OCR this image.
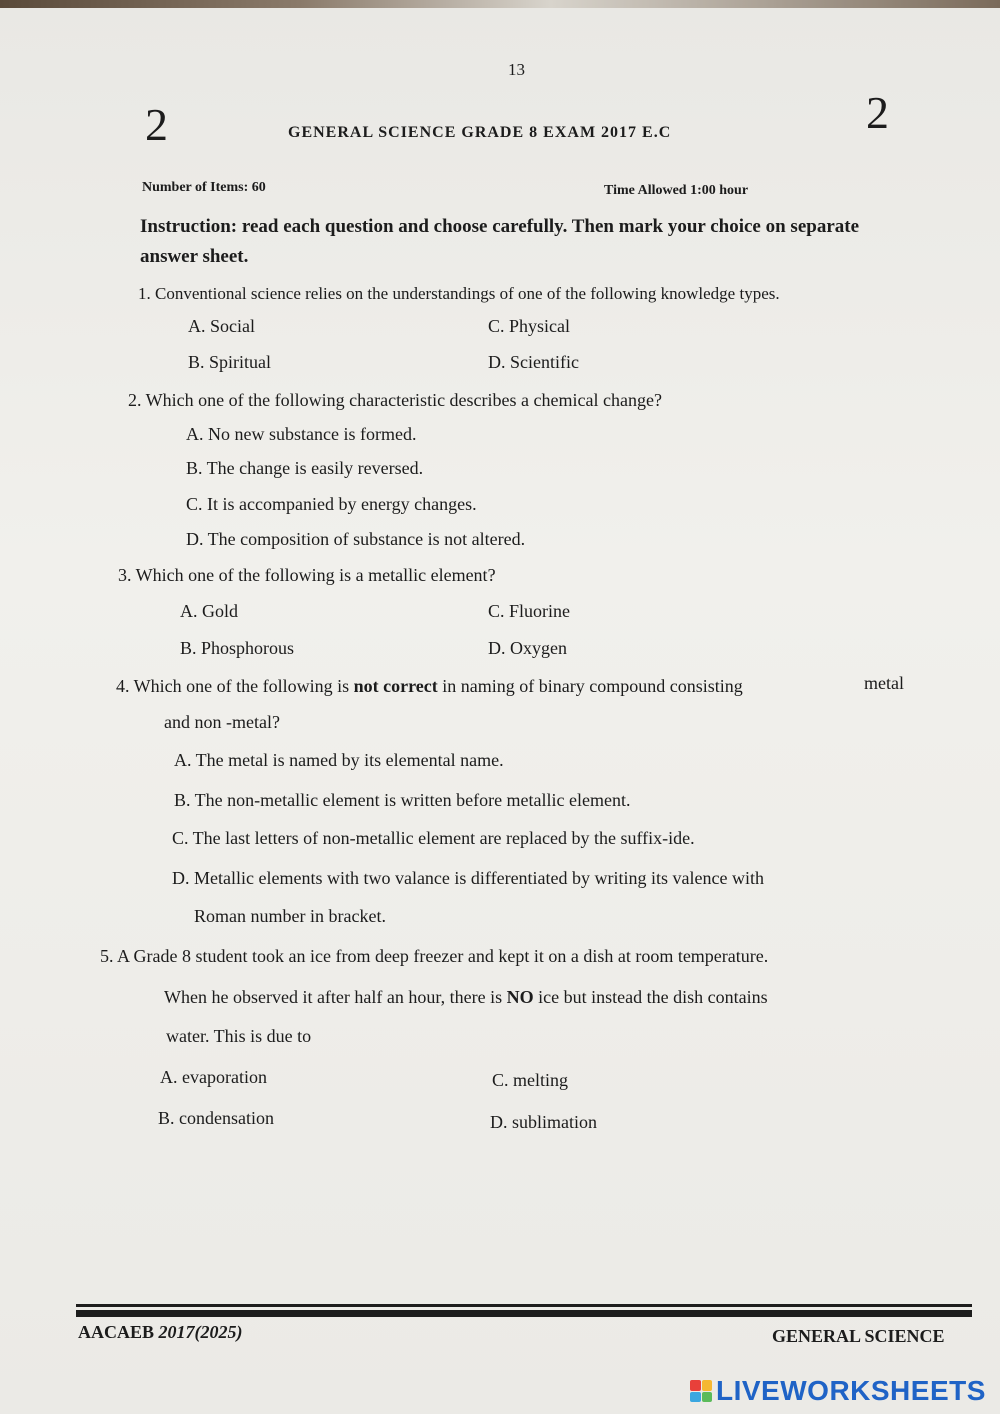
13
2	2
GENERAL SCIENCE GRADE 8 EXAM 2017 E.C
Number of Items: 60	Time Allowed 1:00 hour
Instruction: read each question and choose carefully. Then mark your choice on separate answer sheet.
1. Conventional science relies on the understandings of one of the following knowledge types.
A. Social	C. Physical
B. Spiritual	D. Scientific
2. Which one of the following characteristic describes a chemical change?
A. No new substance is formed.
B. The change is easily reversed.
C. It is accompanied by energy changes.
D. The composition of substance is not altered.
3. Which one of the following is a metallic element?
A. Gold	C. Fluorine
B. Phosphorous	D. Oxygen
4. Which one of the following is not correct in naming of binary compound consisting	metal
and non -metal?
A. The metal is named by its elemental name.
B. The non-metallic element is written before metallic element.
C. The last letters of non-metallic element are replaced by the suffix-ide.
D. Metallic elements with two valance is differentiated by writing its valence with
Roman number in bracket.
5. A Grade 8 student took an ice from deep freezer and kept it on a dish at room temperature.
When he observed it after half an hour, there is NO ice but instead the dish contains
water. This is due to
A. evaporation	C. melting
B. condensation	D. sublimation
AACAEB 2017(2025)	GENERAL SCIENCE
LIVEWORKSHEETS
